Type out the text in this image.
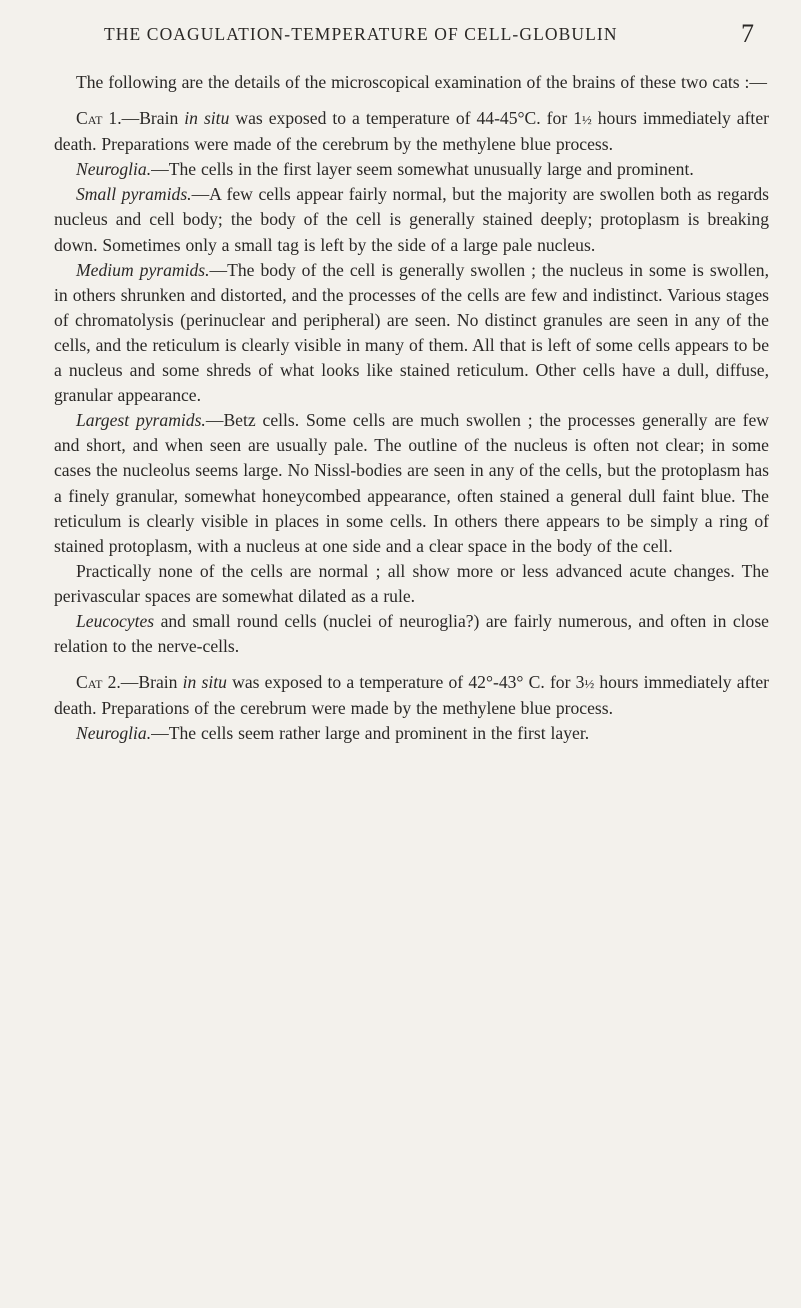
THE COAGULATION-TEMPERATURE OF CELL-GLOBULIN	7

The following are the details of the microscopical examination of the brains of these two cats :—

Cat 1.—Brain in situ was exposed to a temperature of 44-45°C. for 1½ hours immediately after death. Preparations were made of the cerebrum by the methylene blue process.

Neuroglia.—The cells in the first layer seem somewhat unusually large and prominent.

Small pyramids.—A few cells appear fairly normal, but the majority are swollen both as regards nucleus and cell body; the body of the cell is generally stained deeply; protoplasm is breaking down. Sometimes only a small tag is left by the side of a large pale nucleus.

Medium pyramids.—The body of the cell is generally swollen ; the nucleus in some is swollen, in others shrunken and distorted, and the processes of the cells are few and indistinct. Various stages of chromatolysis (perinuclear and peripheral) are seen. No distinct granules are seen in any of the cells, and the reticulum is clearly visible in many of them. All that is left of some cells appears to be a nucleus and some shreds of what looks like stained reticulum. Other cells have a dull, diffuse, granular appearance.

Largest pyramids.—Betz cells. Some cells are much swollen ; the processes generally are few and short, and when seen are usually pale. The outline of the nucleus is often not clear; in some cases the nucleolus seems large. No Nissl-bodies are seen in any of the cells, but the protoplasm has a finely granular, somewhat honeycombed appearance, often stained a general dull faint blue. The reticulum is clearly visible in places in some cells. In others there appears to be simply a ring of stained protoplasm, with a nucleus at one side and a clear space in the body of the cell.

Practically none of the cells are normal ; all show more or less advanced acute changes. The perivascular spaces are somewhat dilated as a rule.

Leucocytes and small round cells (nuclei of neuroglia?) are fairly numerous, and often in close relation to the nerve-cells.

Cat 2.—Brain in situ was exposed to a temperature of 42°-43° C. for 3½ hours immediately after death. Preparations of the cerebrum were made by the methylene blue process.

Neuroglia.—The cells seem rather large and prominent in the first layer.
